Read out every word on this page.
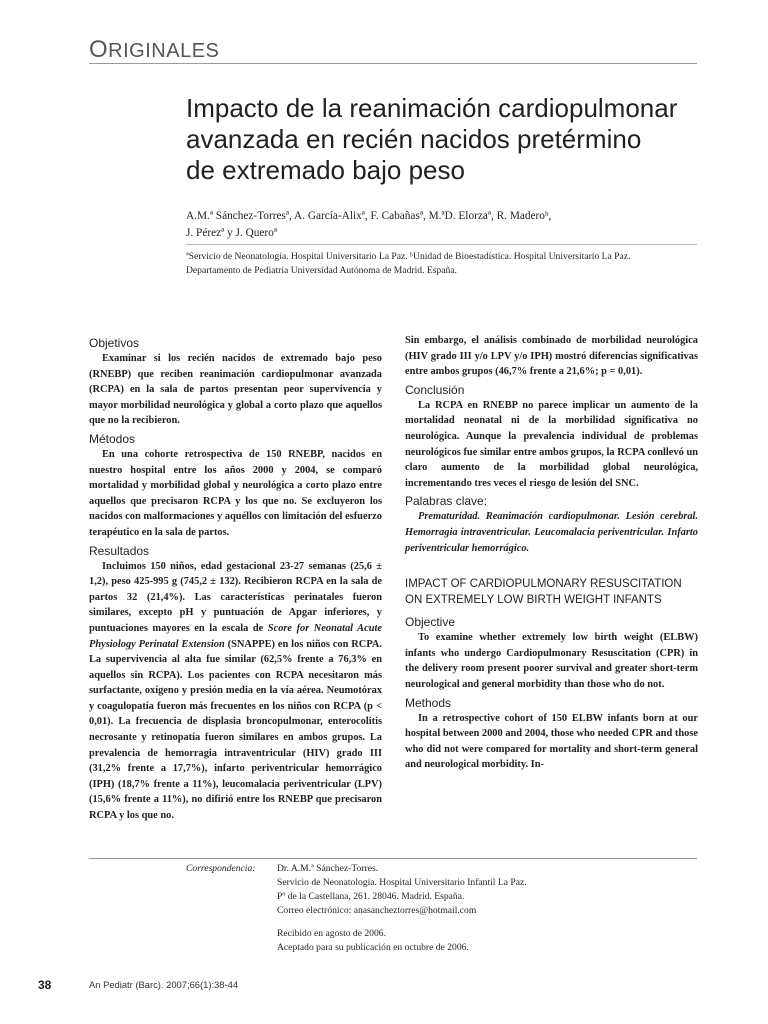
ORIGINALES
Impacto de la reanimación cardiopulmonar
avanzada en recién nacidos pretérmino
de extremado bajo peso
A.M.ª Sánchez-Torresª, A. García-Alixª, F. Cabañasª, M.ªD. Elorzaª, R. Maderoᵇ,
J. Pérezª y J. Queroª
ªServicio de Neonatología. Hospital Universitario La Paz. ᵇUnidad de Bioestadística. Hospital Universitario La Paz.
Departamento de Pediatría Universidad Autónoma de Madrid. España.
Objetivos
Examinar si los recién nacidos de extremado bajo peso (RNEBP) que reciben reanimación cardiopulmonar avanzada (RCPA) en la sala de partos presentan peor supervivencia y mayor morbilidad neurológica y global a corto plazo que aquellos que no la recibieron.
Métodos
En una cohorte retrospectiva de 150 RNEBP, nacidos en nuestro hospital entre los años 2000 y 2004, se comparó mortalidad y morbilidad global y neurológica a corto plazo entre aquellos que precisaron RCPA y los que no. Se excluyeron los nacidos con malformaciones y aquéllos con limitación del esfuerzo terapéutico en la sala de partos.
Resultados
Incluimos 150 niños, edad gestacional 23-27 semanas (25,6 ± 1,2), peso 425-995 g (745,2 ± 132). Recibieron RCPA en la sala de partos 32 (21,4%). Las características perinatales fueron similares, excepto pH y puntuación de Apgar inferiores, y puntuaciones mayores en la escala de Score for Neonatal Acute Physiology Perinatal Extension (SNAPPE) en los niños con RCPA. La supervivencia al alta fue similar (62,5% frente a 76,3% en aquellos sin RCPA). Los pacientes con RCPA necesitaron más surfactante, oxígeno y presión media en la vía aérea. Neumotórax y coagulopatía fueron más frecuentes en los niños con RCPA (p < 0,01). La frecuencia de displasia broncopulmonar, enterocolitis necrosante y retinopatía fueron similares en ambos grupos. La prevalencia de hemorragia intraventricular (HIV) grado III (31,2% frente a 17,7%), infarto periventricular hemorrágico (IPH) (18,7% frente a 11%), leucomalacia periventricular (LPV) (15,6% frente a 11%), no difirió entre los RNEBP que precisaron RCPA y los que no.
Sin embargo, el análisis combinado de morbilidad neurológica (HIV grado III y/o LPV y/o IPH) mostró diferencias significativas entre ambos grupos (46,7% frente a 21,6%; p = 0,01).
Conclusión
La RCPA en RNEBP no parece implicar un aumento de la mortalidad neonatal ni de la morbilidad significativa no neurológica. Aunque la prevalencia individual de problemas neurológicos fue similar entre ambos grupos, la RCPA conllevó un claro aumento de la morbilidad global neurológica, incrementando tres veces el riesgo de lesión del SNC.
Palabras clave:
Prematuridad. Reanimación cardiopulmonar. Lesión cerebral. Hemorragia intraventricular. Leucomalacia periventricular. Infarto periventricular hemorrágico.
IMPACT OF CARDIOPULMONARY RESUSCITATION ON EXTREMELY LOW BIRTH WEIGHT INFANTS
Objective
To examine whether extremely low birth weight (ELBW) infants who undergo Cardiopulmonary Resuscitation (CPR) in the delivery room present poorer survival and greater short-term neurological and general morbidity than those who do not.
Methods
In a retrospective cohort of 150 ELBW infants born at our hospital between 2000 and 2004, those who needed CPR and those who did not were compared for mortality and short-term general and neurological morbidity. In-
Correspondencia:	Dr. A.M.ª Sánchez-Torres.
Servicio de Neonatología. Hospital Universitario Infantil La Paz.
Pº de la Castellana, 261. 28046. Madrid. España.
Correo electrónico: anasancheztorres@hotmail.com
Recibido en agosto de 2006.
Aceptado para su publicación en octubre de 2006.
38	An Pediatr (Barc). 2007;66(1):38-44
